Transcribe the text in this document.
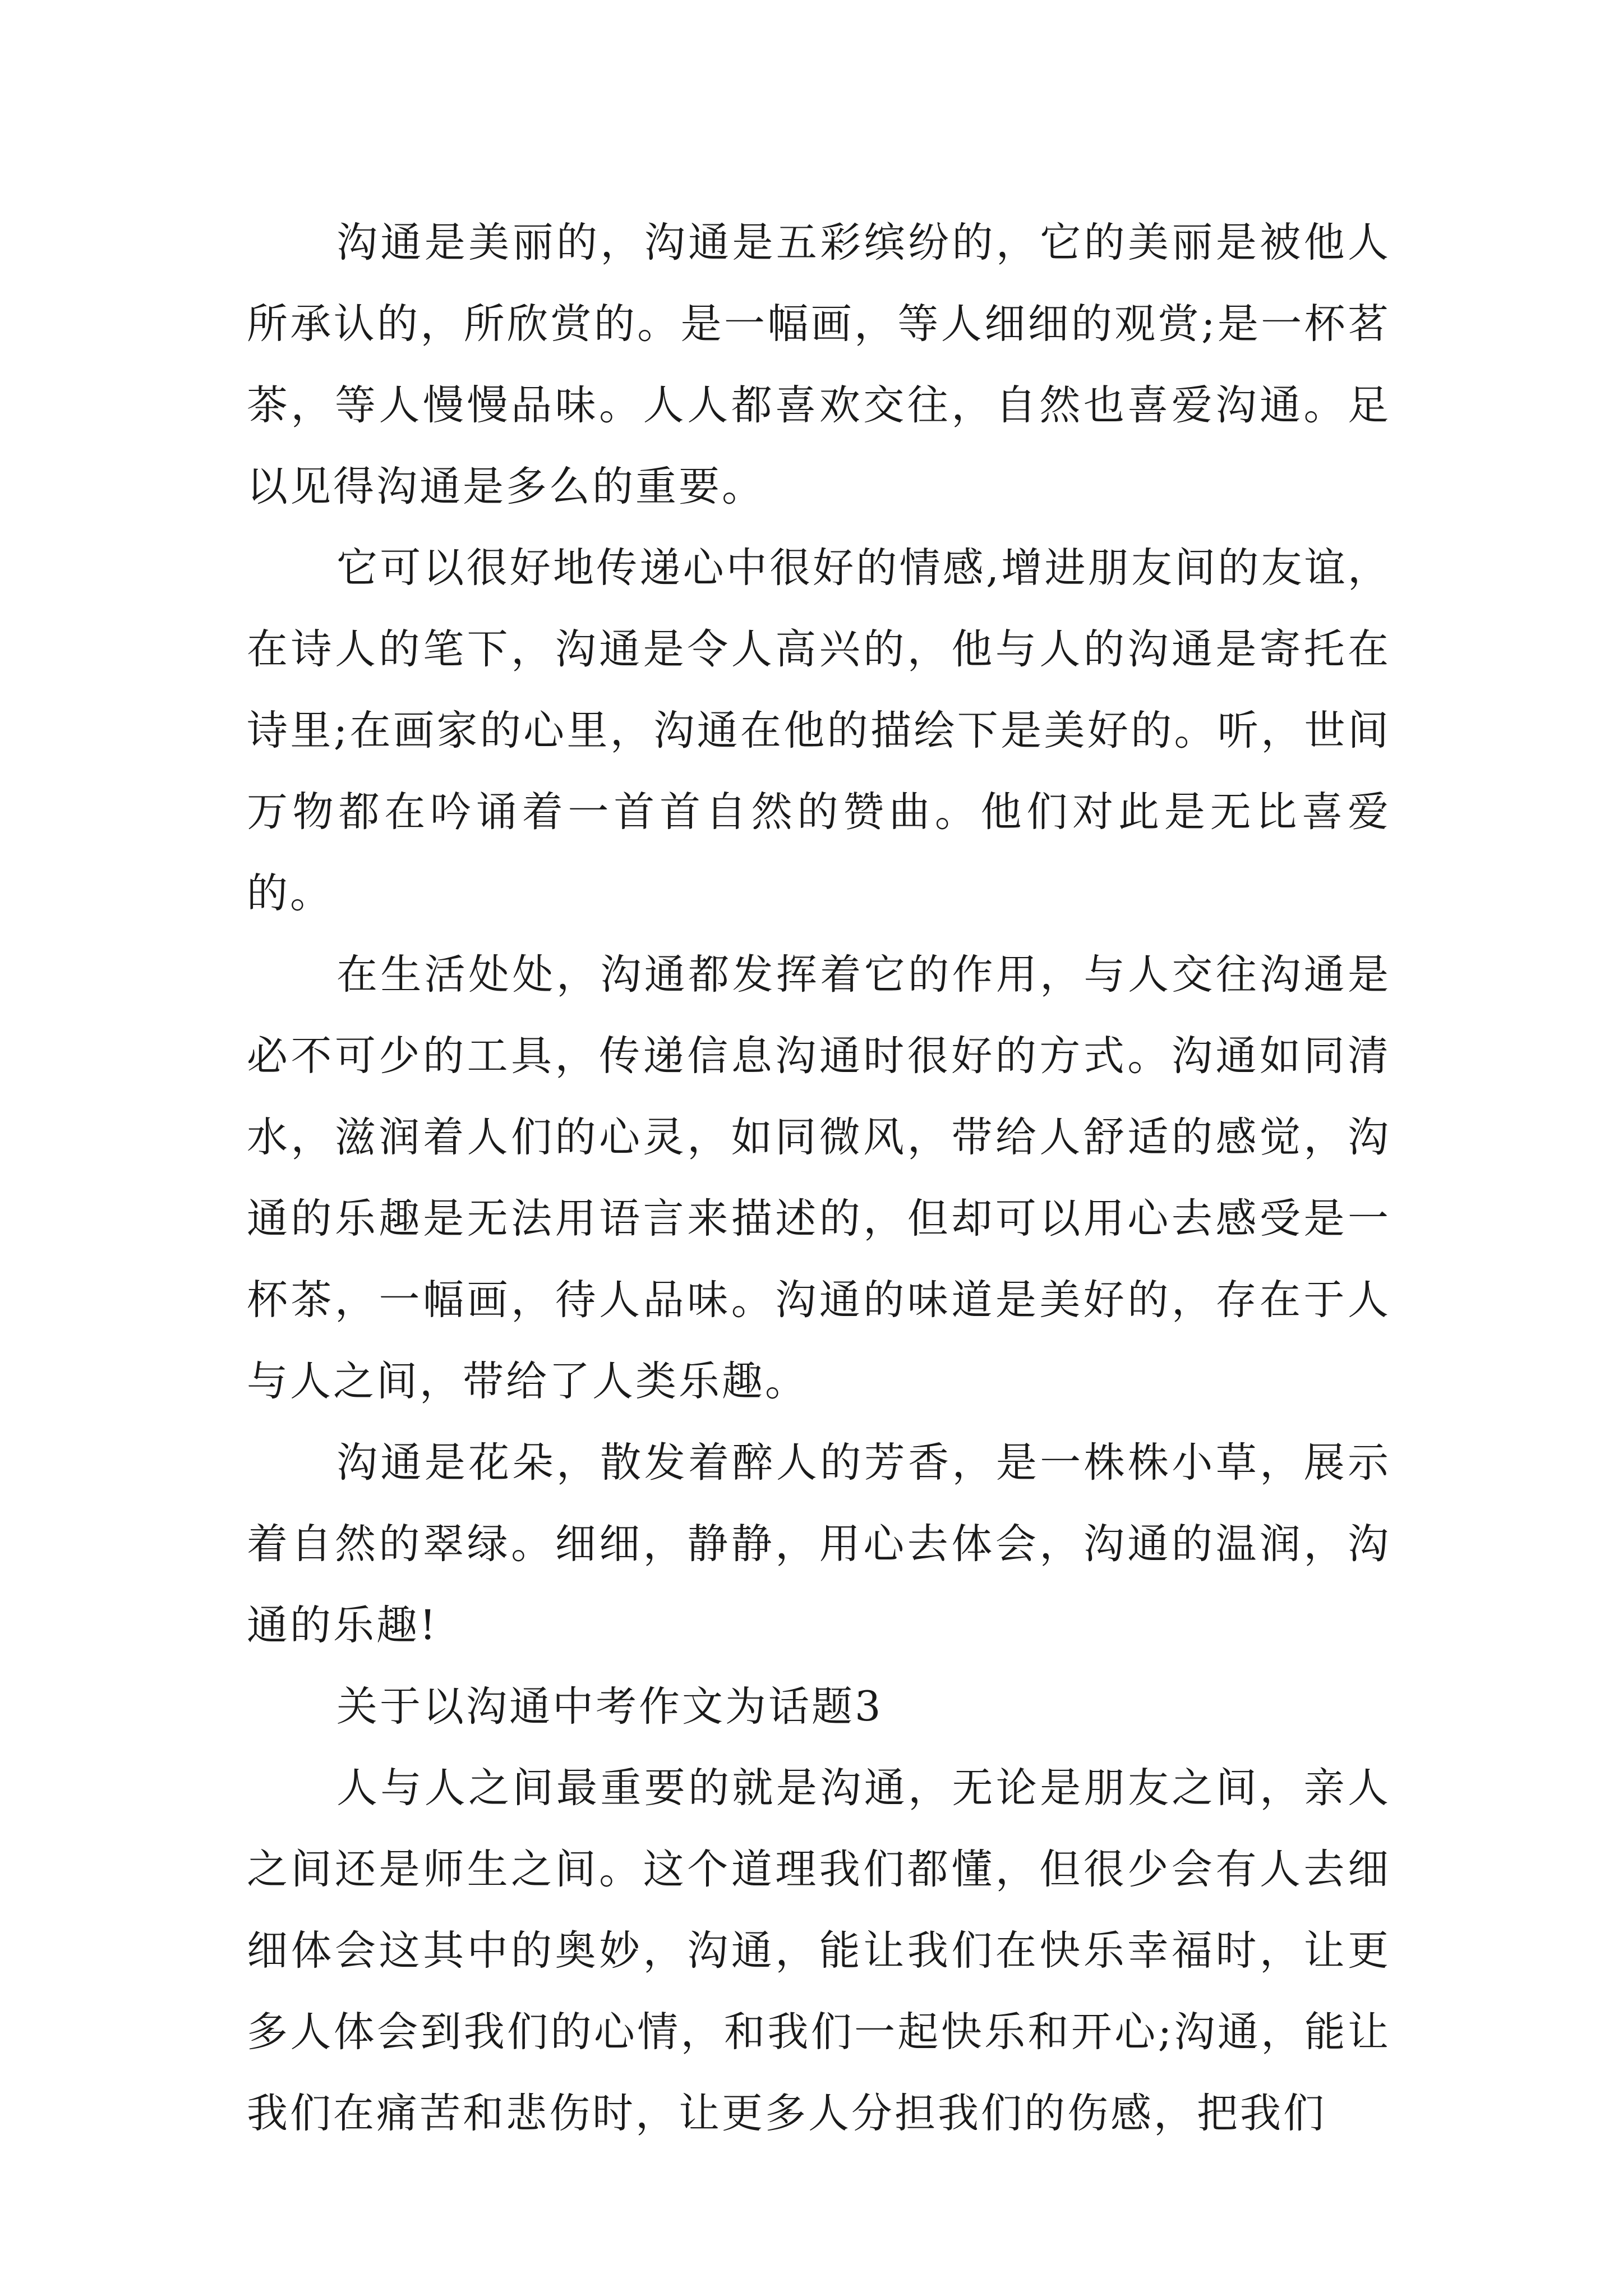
沟通是美丽的，沟通是五彩缤纷的，它的美丽是被他人所承认的，所欣赏的。是一幅画，等人细细的观赏;是一杯茗茶，等人慢慢品味。人人都喜欢交往，自然也喜爱沟通。足以见得沟通是多么的重要。

它可以很好地传递心中很好的情感,增进朋友间的友谊，在诗人的笔下，沟通是令人高兴的，他与人的沟通是寄托在诗里;在画家的心里，沟通在他的描绘下是美好的。听，世间万物都在吟诵着一首首自然的赞曲。他们对此是无比喜爱的。

在生活处处，沟通都发挥着它的作用，与人交往沟通是必不可少的工具，传递信息沟通时很好的方式。沟通如同清水，滋润着人们的心灵，如同微风，带给人舒适的感觉，沟通的乐趣是无法用语言来描述的，但却可以用心去感受是一杯茶，一幅画，待人品味。沟通的味道是美好的，存在于人与人之间，带给了人类乐趣。

沟通是花朵，散发着醉人的芳香，是一株株小草，展示着自然的翠绿。细细，静静，用心去体会，沟通的温润，沟通的乐趣!

关于以沟通中考作文为话题3

人与人之间最重要的就是沟通，无论是朋友之间，亲人之间还是师生之间。这个道理我们都懂，但很少会有人去细细体会这其中的奥妙，沟通，能让我们在快乐幸福时，让更多人体会到我们的心情，和我们一起快乐和开心;沟通，能让我们在痛苦和悲伤时，让更多人分担我们的伤感，把我们
